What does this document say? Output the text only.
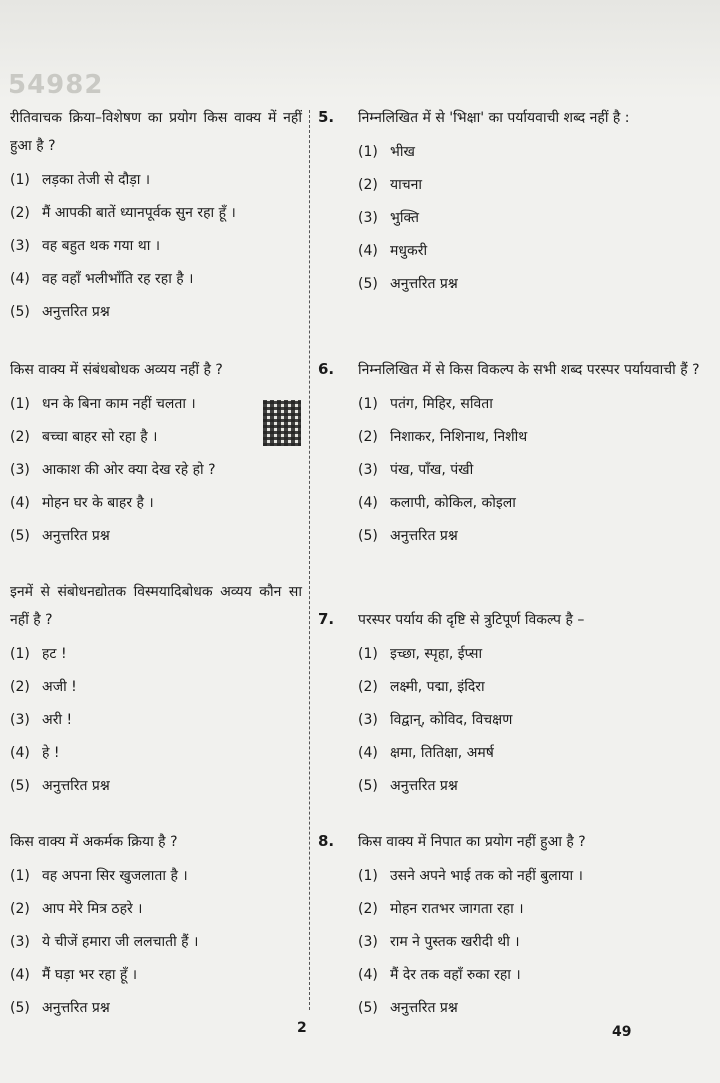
54982
रीतिवाचक क्रिया–विशेषण का प्रयोग किस वाक्य में नहीं हुआ है ?
(1) लड़का तेजी से दौड़ा ।
(2) मैं आपकी बातें ध्यानपूर्वक सुन रहा हूँ ।
(3) वह बहुत थक गया था ।
(4) वह वहाँ भलीभाँति रह रहा है ।
(5) अनुत्तरित प्रश्न
किस वाक्य में संबंधबोधक अव्यय नहीं है ?
(1) धन के बिना काम नहीं चलता ।
(2) बच्चा बाहर सो रहा है ।
(3) आकाश की ओर क्या देख रहे हो ?
(4) मोहन घर के बाहर है ।
(5) अनुत्तरित प्रश्न
इनमें से संबोधनद्योतक विस्मयादिबोधक अव्यय कौन सा नहीं है ?
(1) हट !
(2) अजी !
(3) अरी !
(4) हे !
(5) अनुत्तरित प्रश्न
किस वाक्य में अकर्मक क्रिया है ?
(1) वह अपना सिर खुजलाता है ।
(2) आप मेरे मित्र ठहरे ।
(3) ये चीजें हमारा जी ललचाती हैं ।
(4) मैं घड़ा भर रहा हूँ ।
(5) अनुत्तरित प्रश्न
5. निम्नलिखित में से 'भिक्षा' का पर्यायवाची शब्द नहीं है :
(1) भीख
(2) याचना
(3) भुक्ति
(4) मधुकरी
(5) अनुत्तरित प्रश्न
6. निम्नलिखित में से किस विकल्प के सभी शब्द परस्पर पर्यायवाची हैं ?
(1) पतंग, मिहिर, सविता
(2) निशाकर, निशिनाथ, निशीथ
(3) पंख, पाँख, पंखी
(4) कलापी, कोकिल, कोइला
(5) अनुत्तरित प्रश्न
7. परस्पर पर्याय की दृष्टि से त्रुटिपूर्ण विकल्प है –
(1) इच्छा, स्पृहा, ईप्सा
(2) लक्ष्मी, पद्मा, इंदिरा
(3) विद्वान्, कोविद, विचक्षण
(4) क्षमा, तितिक्षा, अमर्ष
(5) अनुत्तरित प्रश्न
8. किस वाक्य में निपात का प्रयोग नहीं हुआ है ?
(1) उसने अपने भाई तक को नहीं बुलाया ।
(2) मोहन रातभर जागता रहा ।
(3) राम ने पुस्तक खरीदी थी ।
(4) मैं देर तक वहाँ रुका रहा ।
(5) अनुत्तरित प्रश्न
2	49
